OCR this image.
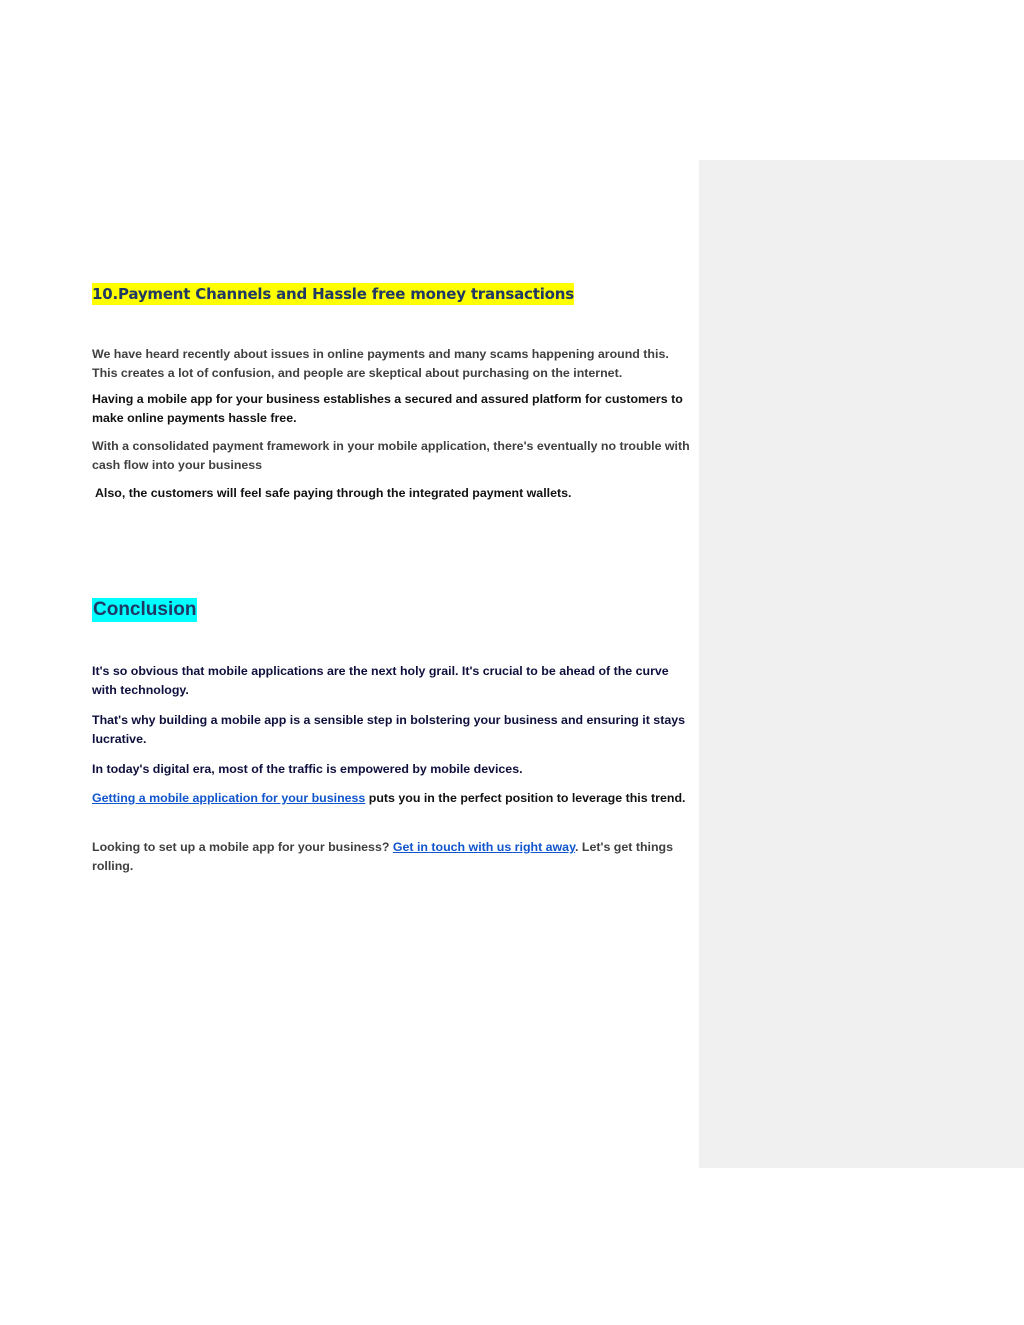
10.Payment Channels and Hassle free money transactions

We have heard recently about issues in online payments and many scams happening around this. This creates a lot of confusion, and people are skeptical about purchasing on the internet.

Having a mobile app for your business establishes a secured and assured platform for customers to make online payments hassle free.

With a consolidated payment framework in your mobile application, there's eventually no trouble with cash flow into your business

Also, the customers will feel safe paying through the integrated payment wallets.

Conclusion

It's so obvious that mobile applications are the next holy grail. It's crucial to be ahead of the curve with technology.

That's why building a mobile app is a sensible step in bolstering your business and ensuring it stays lucrative.

In today's digital era, most of the traffic is empowered by mobile devices.

Getting a mobile application for your business puts you in the perfect position to leverage this trend.

Looking to set up a mobile app for your business? Get in touch with us right away. Let's get things rolling.
